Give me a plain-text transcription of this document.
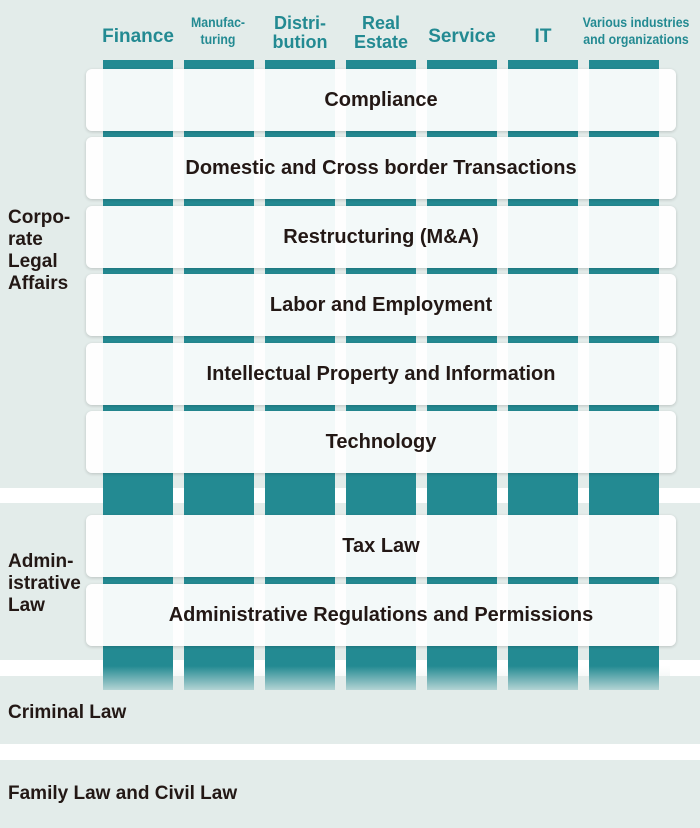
Finance
Manufac-
turing
Distri-
bution
Real
Estate	Service	IT
Various industries
and organizations
Corpo-
rate
Legal
Affairs
Admin-
istrative
Law
Criminal Law
Family Law and Civil Law
Compliance
Domestic and Cross border Transactions
Restructuring (M&A)
Labor and Employment
Intellectual Property and Information
Technology
Tax Law
Administrative Regulations and Permissions
